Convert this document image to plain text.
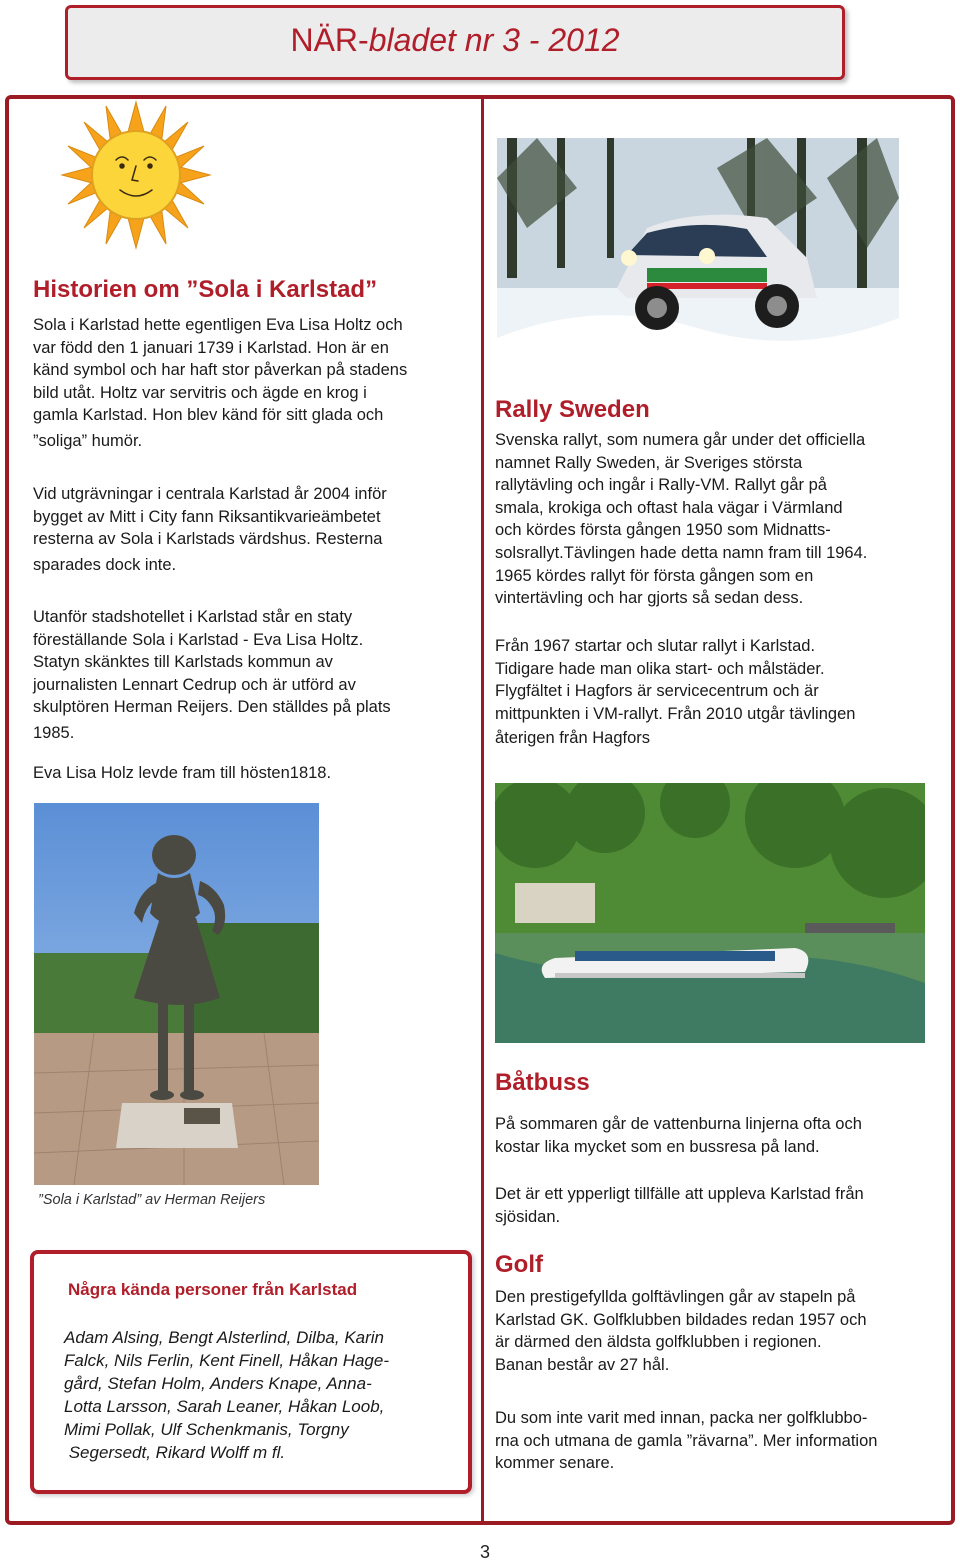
NÄR-bladet nr 3 - 2012
Historien om ”Sola i Karlstad”
Sola i Karlstad hette egentligen Eva Lisa Holtz och
var född den 1 januari 1739 i Karlstad. Hon är en
känd symbol och har haft stor påverkan på stadens
bild utåt. Holtz var servitris och ägde en krog i
gamla Karlstad. Hon blev känd för sitt glada och
”soliga” humör.
Vid utgrävningar i centrala Karlstad år 2004 inför
bygget av Mitt i City fann Riksantikvarieämbetet
resterna av Sola i Karlstads värdshus. Resterna
sparades dock inte.
Utanför stadshotellet i Karlstad står en staty
föreställande Sola i Karlstad - Eva Lisa Holtz.
Statyn skänktes till Karlstads kommun av
journalisten Lennart Cedrup och är utförd av
skulptören Herman Reijers. Den ställdes på plats
1985.
Eva Lisa Holz levde fram till hösten1818.
”Sola i Karlstad” av Herman Reijers
Några kända personer från Karlstad
Adam Alsing, Bengt Alsterlind, Dilba, Karin
Falck, Nils Ferlin, Kent Finell, Håkan Hage-
gård, Stefan Holm, Anders Knape, Anna-
Lotta Larsson, Sarah Leaner, Håkan Loob,
Mimi Pollak, Ulf Schenkmanis, Torgny
Segersedt, Rikard Wolff m fl.
Rally Sweden
Svenska rallyt, som numera går under det officiella
namnet Rally Sweden, är Sveriges största
rallytävling och ingår i Rally-VM. Rallyt går på
smala, krokiga och oftast hala vägar i Värmland
och kördes första gången 1950 som Midnatts-
solsrallyt.Tävlingen hade detta namn fram till 1964.
1965 kördes rallyt för första gången som en
vintertävling och har gjorts så sedan dess.
Från 1967 startar och slutar rallyt i Karlstad.
Tidigare hade man olika start- och målstäder.
Flygfältet i Hagfors är servicecentrum och är
mittpunkten i VM-rallyt. Från 2010 utgår tävlingen
återigen från Hagfors
Båtbuss
På sommaren går de vattenburna linjerna ofta och
kostar lika mycket som en bussresa på land.
Det är ett ypperligt tillfälle att uppleva Karlstad från
sjösidan.
Golf
Den prestigefyllda golftävlingen går av stapeln på
Karlstad GK. Golfklubben bildades redan 1957 och
är därmed den äldsta golfklubben i regionen.
Banan består av 27 hål.
Du som inte varit med innan, packa ner golfklubbo-
rna och utmana de gamla ”rävarna”. Mer information
kommer senare.
3
